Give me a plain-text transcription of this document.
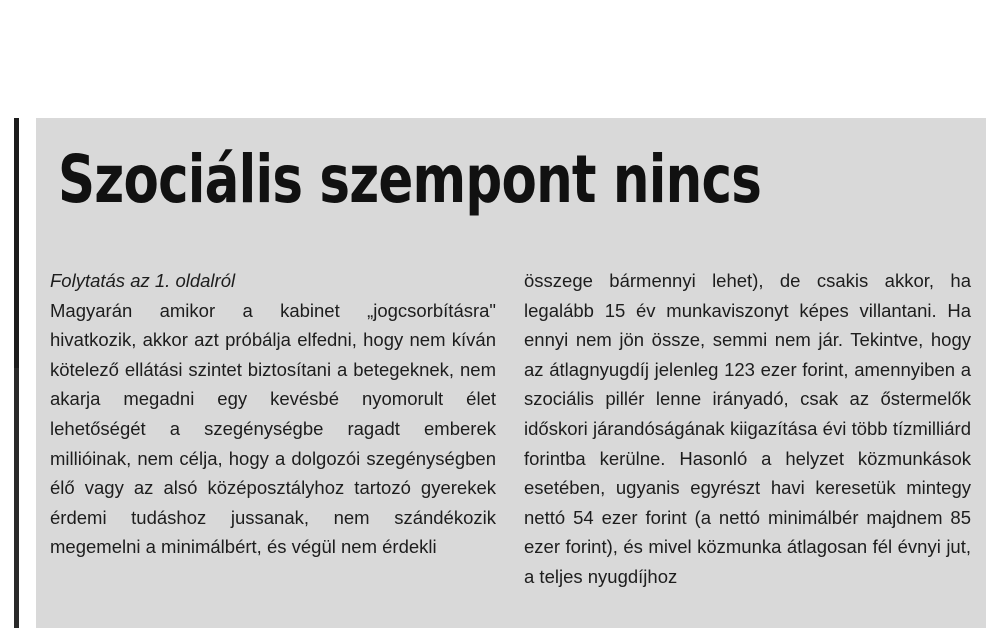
Szociális szempont nincs

Folytatás az 1. oldalról

Magyarán amikor a kabinet „jogcsorbításra" hivatkozik, akkor azt próbálja elfedni, hogy nem kíván kötelező ellátási szintet biztosítani a betegeknek, nem akarja megadni egy kevésbé nyomorult élet lehetőségét a szegénységbe ragadt emberek millióinak, nem célja, hogy a dolgozói szegénységben élő vagy az alsó középosztályhoz tartozó gyerekek érdemi tudáshoz jussanak, nem szándékozik megemelni a minimálbért, és végül nem érdekli

összege bármennyi lehet), de csakis akkor, ha legalább 15 év munkaviszonyt képes villantani. Ha ennyi nem jön össze, semmi nem jár. Tekintve, hogy az átlagnyugdíj jelenleg 123 ezer forint, amennyiben a szociális pillér lenne irányadó, csak az őstermelők időskori járandóságának kiigazítása évi több tízmilliárd forintba kerülne. Hasonló a helyzet közmunkások esetében, ugyanis egyrészt havi keresetük mintegy nettó 54 ezer forint (a nettó minimálbér majdnem 85 ezer forint), és mivel közmunka átlagosan fél évnyi jut, a teljes nyugdíjhoz
